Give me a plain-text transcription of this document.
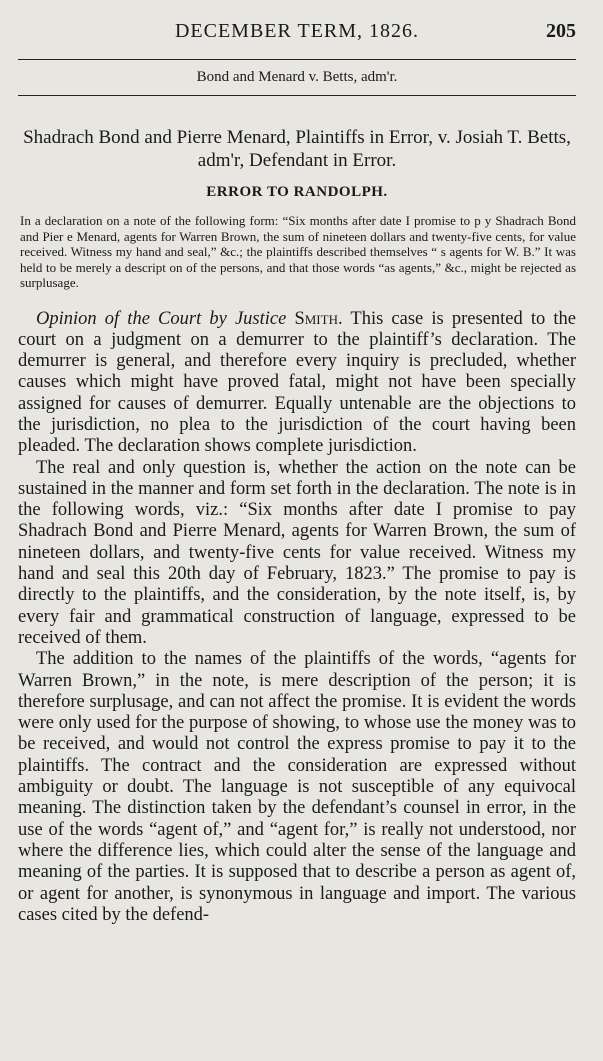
DECEMBER TERM, 1826.	205
Bond and Menard v. Betts, adm'r.
Shadrach Bond and Pierre Menard, Plaintiffs in Error, v. Josiah T. Betts, adm'r, Defendant in Error.
ERROR TO RANDOLPH.
In a declaration on a note of the following form: “Six months after date I promise to p y Shadrach Bond and Pier e Menard, agents for Warren Brown, the sum of nineteen dollars and twenty-five cents, for value received. Witness my hand and seal,” &c.; the plaintiffs described themselves “ s agents for W. B.” It was held to be merely a descript on of the persons, and that those words “as agents,” &c., might be rejected as surplusage.

Opinion of the Court by Justice Smith. This case is presented to the court on a judgment on a demurrer to the plaintiff’s declaration. The demurrer is general, and therefore every inquiry is precluded, whether causes which might have proved fatal, might not have been specially assigned for causes of demurrer. Equally untenable are the objections to the jurisdiction, no plea to the jurisdiction of the court having been pleaded. The declaration shows complete jurisdiction.

The real and only question is, whether the action on the note can be sustained in the manner and form set forth in the declaration. The note is in the following words, viz.: “Six months after date I promise to pay Shadrach Bond and Pierre Menard, agents for Warren Brown, the sum of nineteen dollars, and twenty-five cents for value received. Witness my hand and seal this 20th day of February, 1823.” The promise to pay is directly to the plaintiffs, and the consideration, by the note itself, is, by every fair and grammatical construction of language, expressed to be received of them.

The addition to the names of the plaintiffs of the words, “agents for Warren Brown,” in the note, is mere description of the person; it is therefore surplusage, and can not affect the promise. It is evident the words were only used for the purpose of showing, to whose use the money was to be received, and would not control the express promise to pay it to the plaintiffs. The contract and the consideration are expressed without ambiguity or doubt. The language is not susceptible of any equivocal meaning. The distinction taken by the defendant’s counsel in error, in the use of the words “agent of,” and “agent for,” is really not understood, nor where the difference lies, which could alter the sense of the language and meaning of the parties. It is supposed that to describe a person as agent of, or agent for another, is synonymous in language and import. The various cases cited by the defend-
